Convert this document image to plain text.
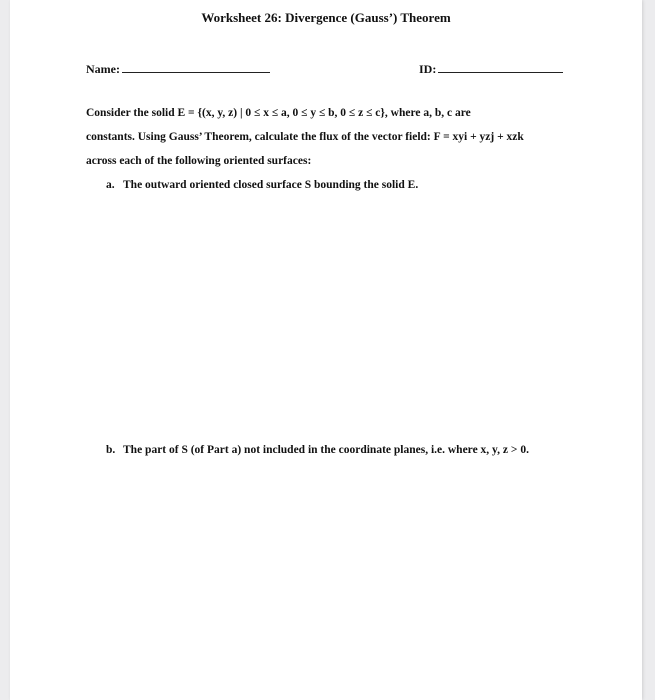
Worksheet 26: Divergence (Gauss’) Theorem
Name:	ID:
Consider the solid E = {(x, y, z) | 0 ≤ x ≤ a, 0 ≤ y ≤ b, 0 ≤ z ≤ c}, where a, b, c are
constants. Using Gauss’ Theorem, calculate the flux of the vector field: F = xyi + yzj + xzk
across each of the following oriented surfaces:
a. The outward oriented closed surface S bounding the solid E.
b. The part of S (of Part a) not included in the coordinate planes, i.e. where x, y, z > 0.
